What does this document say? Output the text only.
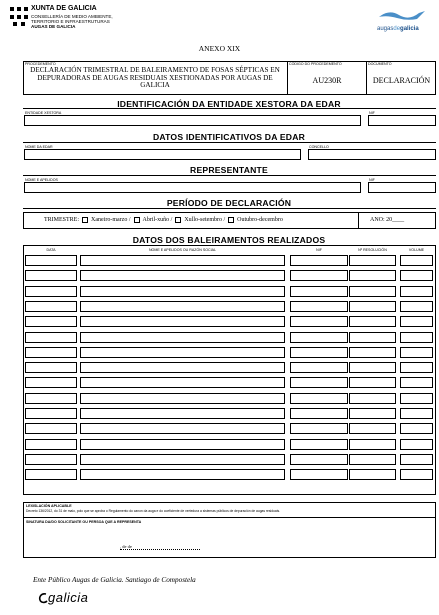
XUNTA DE GALICIA
CONSELLERÍA DE MEDIO AMBIENTE,
TERRITORIO E INFRAESTRUTURAS
AUGAS DE GALICIA	augasdegalicia
ANEXO XIX
PROCEDEMENTO
DECLARACIÓN TRIMESTRAL DE BALEIRAMENTO DE FOSAS SÉPTICAS EN DEPURADORAS DE AUGAS RESIDUAIS XESTIONADAS POR AUGAS DE GALICIA
CÓDIGO DO PROCEDEMENTO
AU230R
DOCUMENTO
DECLARACIÓN
IDENTIFICACIÓN DA ENTIDADE XESTORA DA EDAR
ENTIDADE XESTORA	NIF
DATOS IDENTIFICATIVOS DA EDAR
NOME DA EDAR	CONCELLO
REPRESENTANTE
NOME E APELIDOS	NIF
PERÍODO DE DECLARACIÓN
TRIMESTRE: Xaneiro-marzo / Abril-xuño / Xullo-setembro / Outubro-decembro	ANO: 20____
DATOS DOS BALEIRAMENTOS REALIZADOS
DATA	NOME E APELIDOS OU RAZÓN SOCIAL	NIF	Nº RESOLUCIÓN	VOLUME
LEXISLACIÓN APLICABLE
Decreto 136/2012, do 31 de maio, polo que se aproba o Regulamento do canon da auga e do coeficiente de vertedura a sistemas públicos de depuración de augas residuais.
SINATURA DA/DO SOLICITANTE OU PERSOA QUE A REPRESENTA
, de de
Ente Público Augas de Galicia. Santiago de Compostela
galicia
